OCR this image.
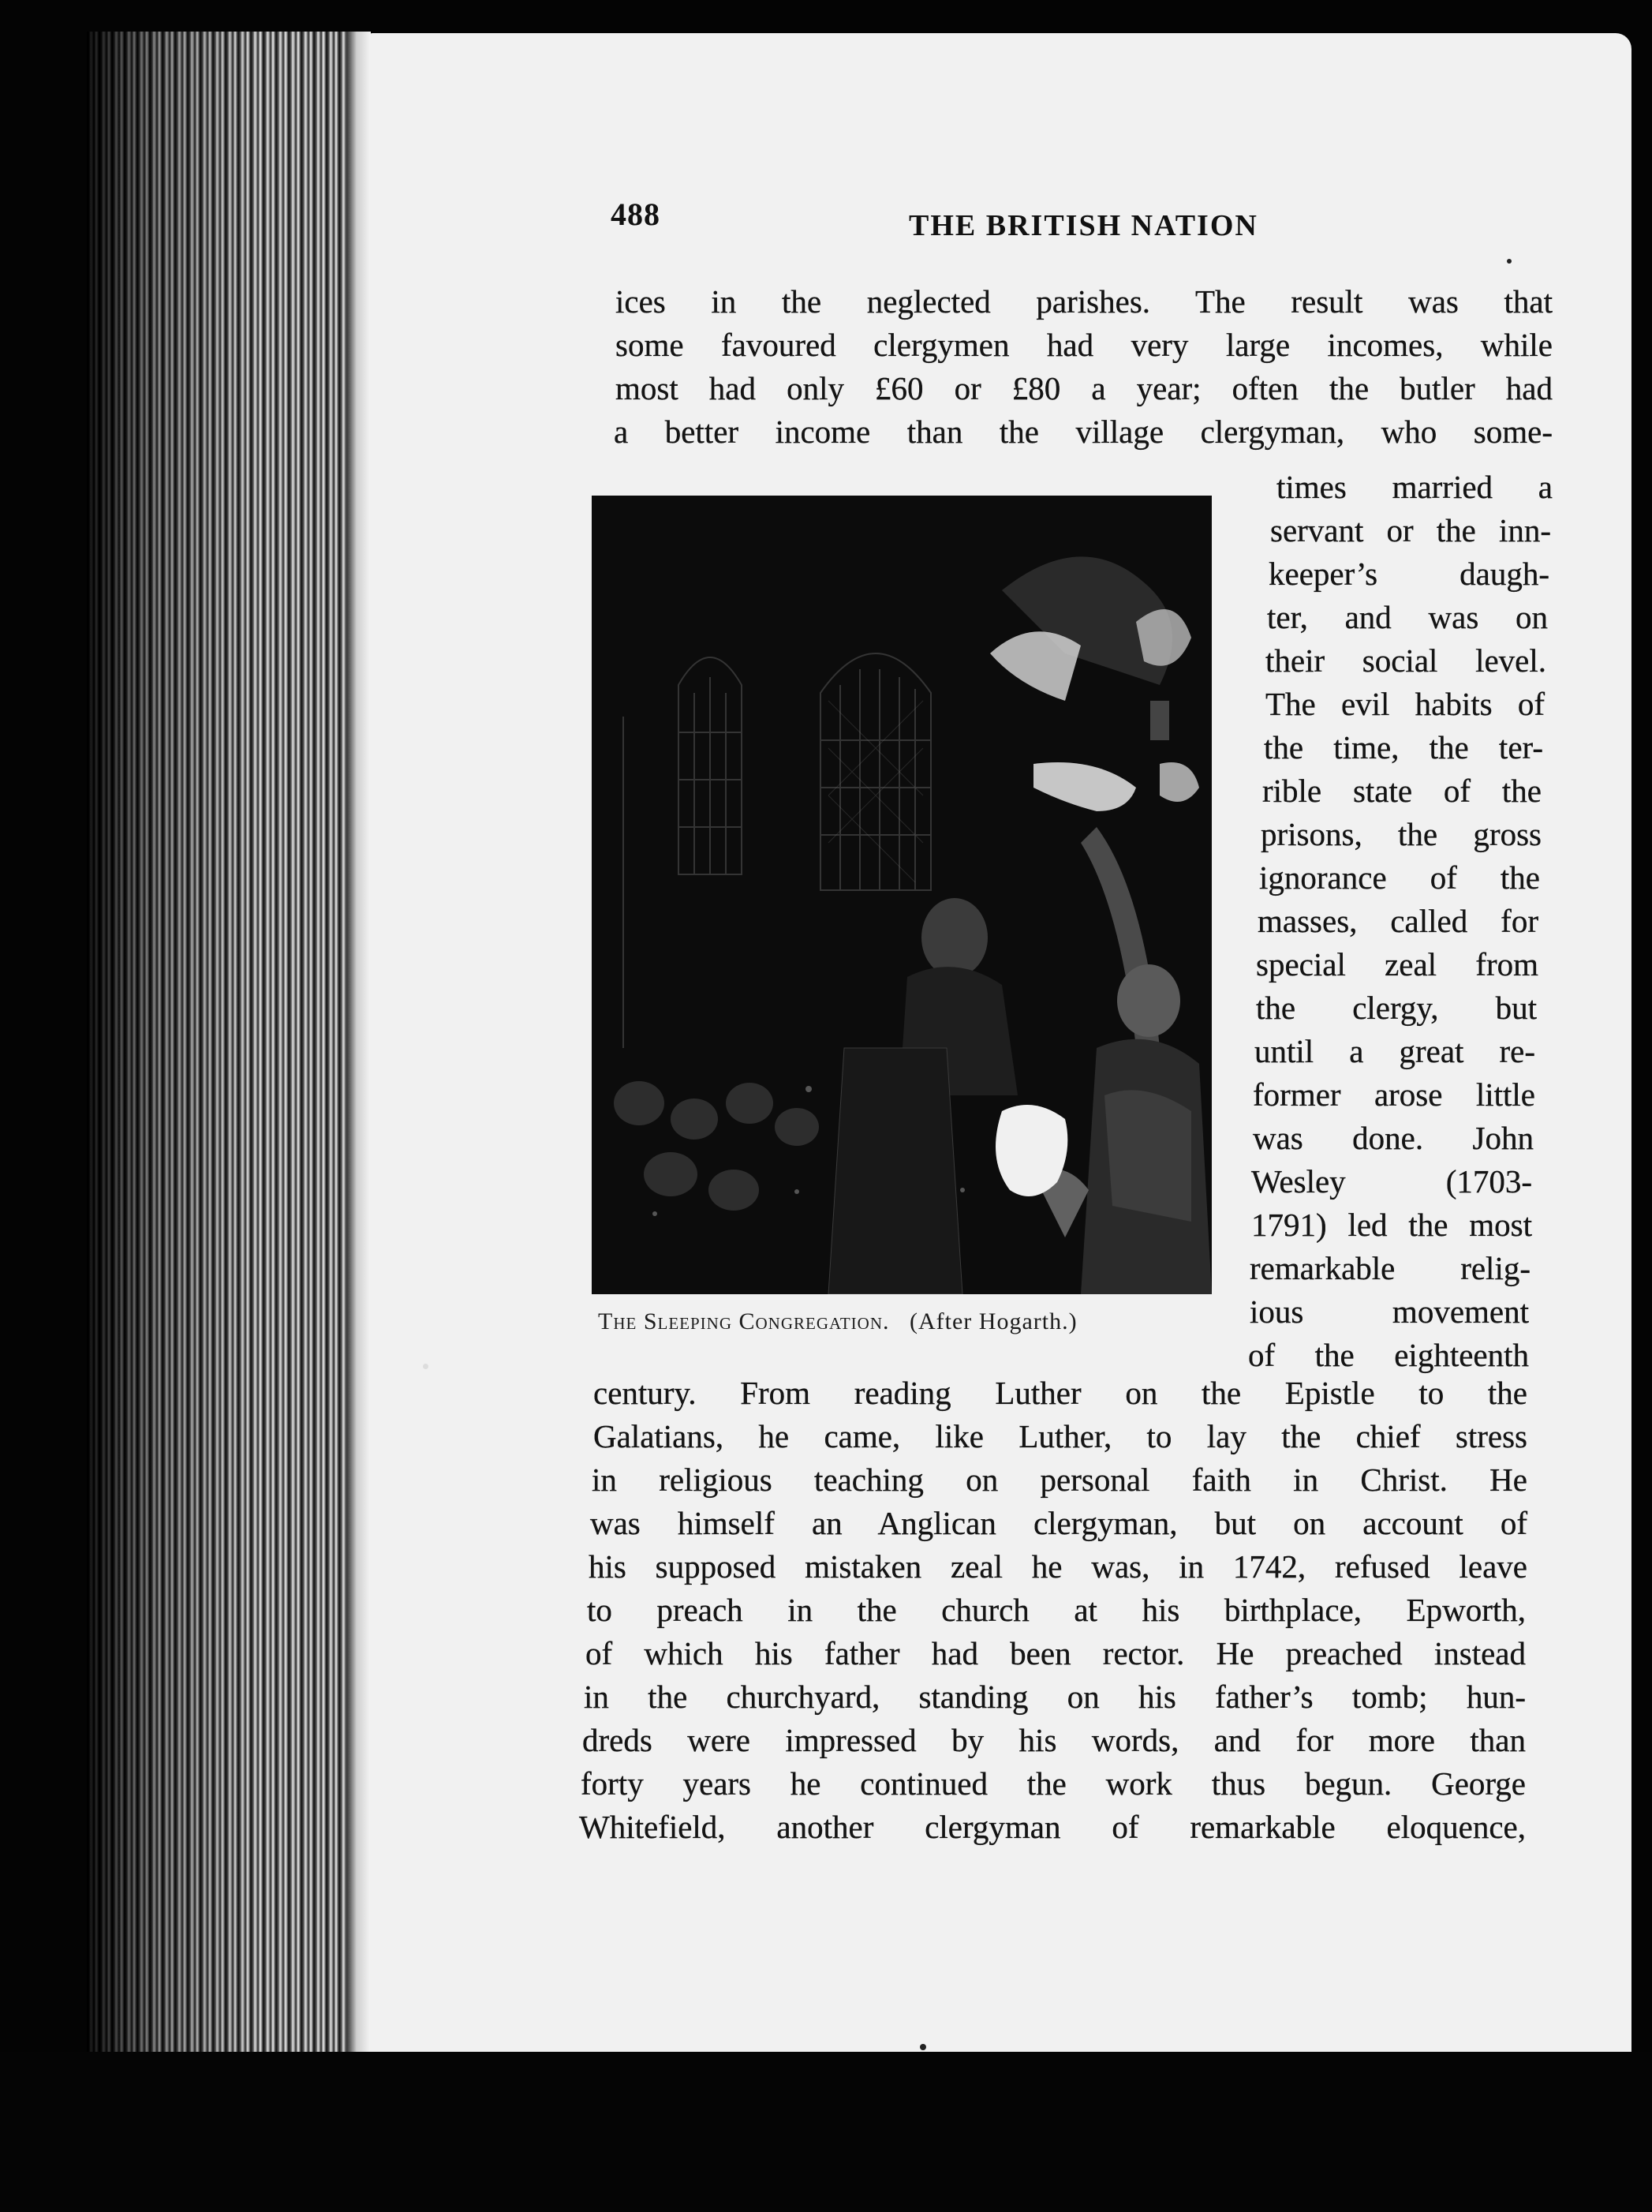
488	THE BRITISH NATION
ices in the neglected parishes. The result was that
some favoured clergymen had very large incomes, while
most had only £60 or £80 a year; often the butler had
a better income than the village clergyman, who some-
times married a
servant or the inn-
keeper’s daugh-
ter, and was on
their social level.
The evil habits of
the time, the ter-
rible state of the
prisons, the gross
ignorance of the
masses, called for
special zeal from
the clergy, but
until a great re-
former arose little
was done. John
Wesley (1703-
1791) led the most
remarkable relig-
ious movement
of the eighteenth
century. From reading Luther on the Epistle to the
Galatians, he came, like Luther, to lay the chief stress
in religious teaching on personal faith in Christ. He
was himself an Anglican clergyman, but on account of
his supposed mistaken zeal he was, in 1742, refused leave
to preach in the church at his birthplace, Epworth,
of which his father had been rector. He preached instead
in the churchyard, standing on his father’s tomb; hun-
dreds were impressed by his words, and for more than
forty years he continued the work thus begun. George
Whitefield, another clergyman of remarkable eloquence,
The Sleeping Congregation. (After Hogarth.)
